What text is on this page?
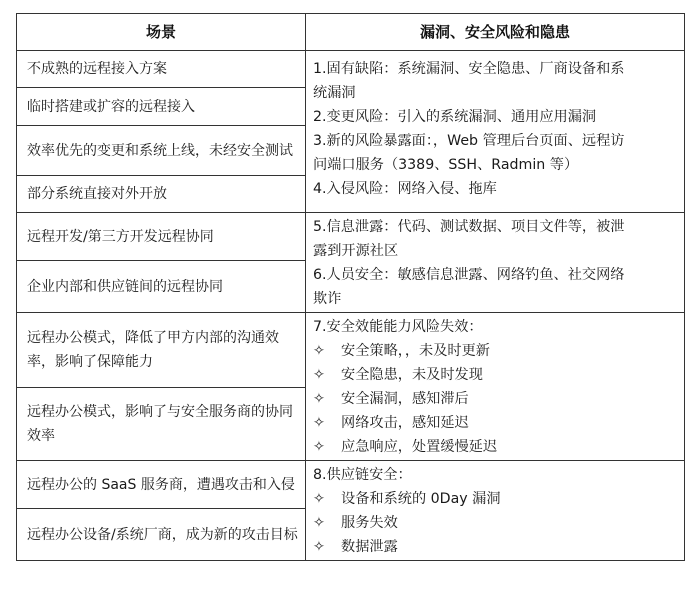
场景	漏洞、安全风险和隐患
不成熟的远程接入方案
临时搭建或扩容的远程接入
效率优先的变更和系统上线，未经安全测试
部分系统直接对外开放
远程开发/第三方开发远程协同
企业内部和供应链间的远程协同
远程办公模式，降低了甲方内部的沟通效率，影响了保障能力
远程办公模式，影响了与安全服务商的协同效率
远程办公的 SaaS 服务商，遭遇攻击和入侵
远程办公设备/系统厂商，成为新的攻击目标
1.固有缺陷：系统漏洞、安全隐患、厂商设备和系
统漏洞
2.变更风险：引入的系统漏洞、通用应用漏洞
3.新的风险暴露面：，Web 管理后台页面、远程访
问端口服务（3389、SSH、Radmin 等）
4.入侵风险：网络入侵、拖库
5.信息泄露：代码、测试数据、项目文件等，被泄
露到开源社区
6.人员安全：敏感信息泄露、网络钓鱼、社交网络
欺诈
7.安全效能能力风险失效：
✧ 安全策略，，未及时更新
✧ 安全隐患，未及时发现
✧ 安全漏洞，感知滞后
✧ 网络攻击，感知延迟
✧ 应急响应，处置缓慢延迟
8.供应链安全：
✧ 设备和系统的 0Day 漏洞
✧ 服务失效
✧ 数据泄露
